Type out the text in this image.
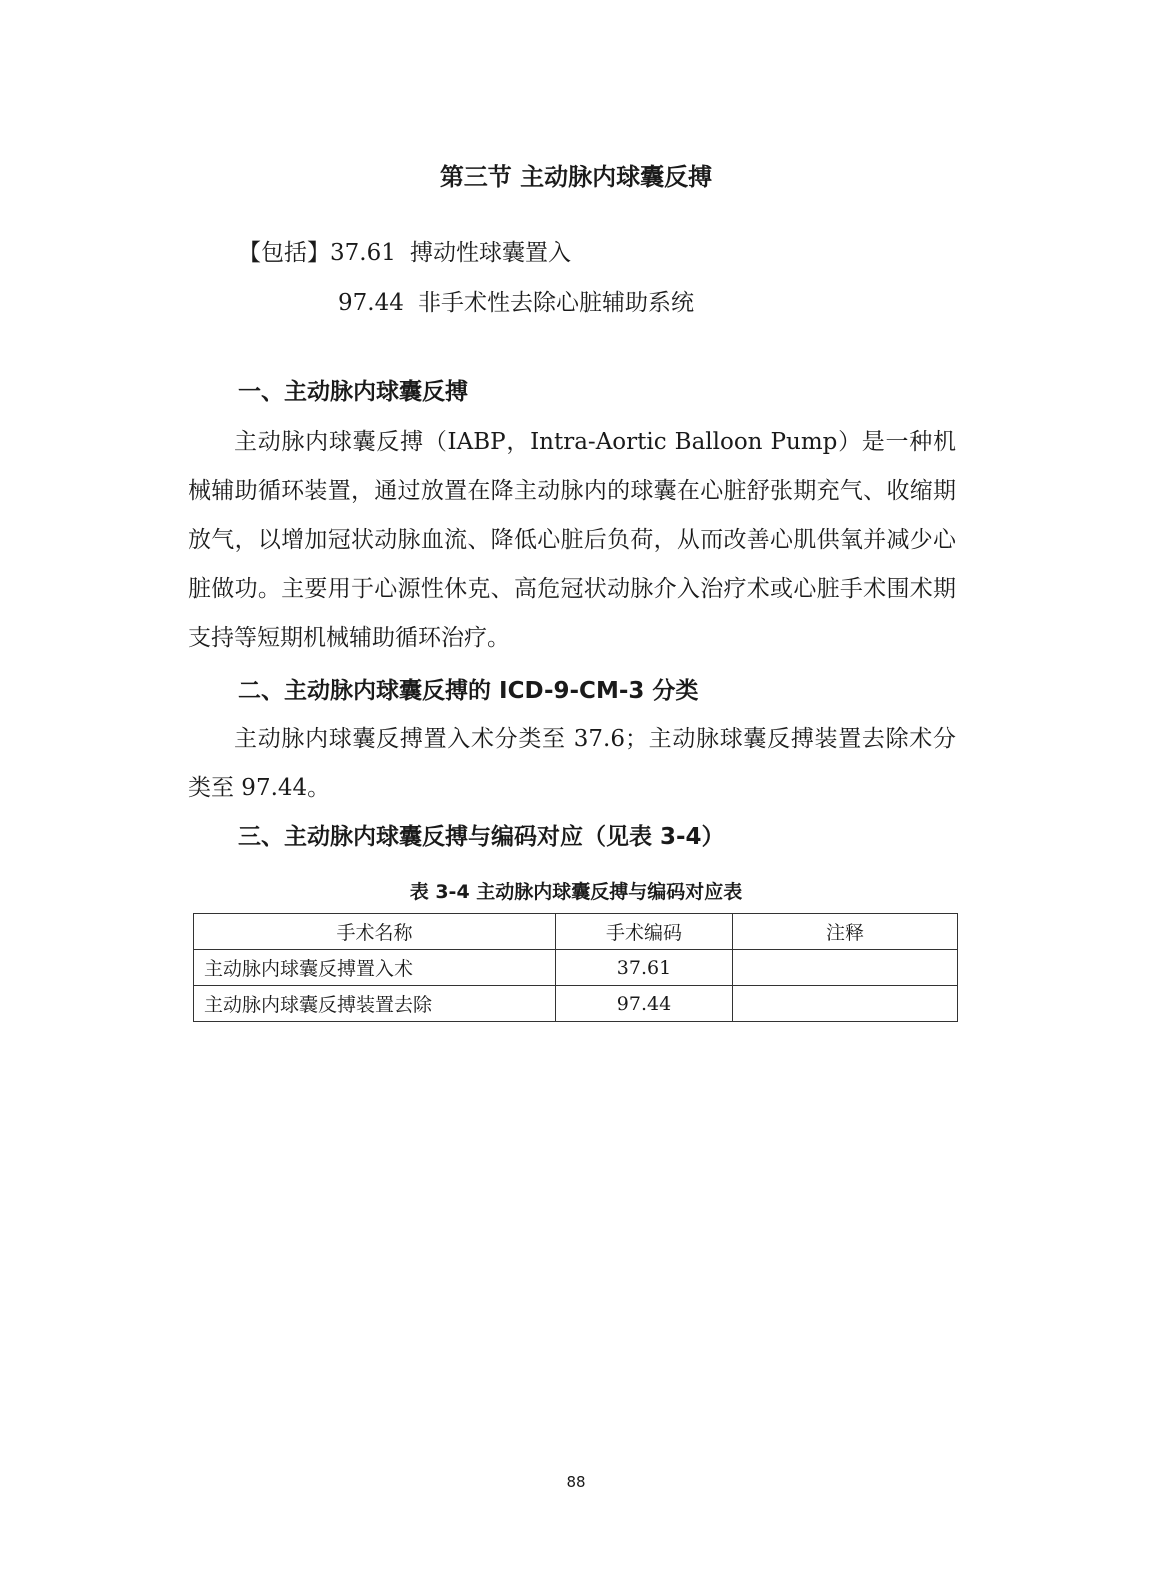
第三节 主动脉内球囊反搏
【包括】37.61 搏动性球囊置入
97.44 非手术性去除心脏辅助系统
一、主动脉内球囊反搏

主动脉内球囊反搏（IABP，Intra-Aortic Balloon Pump）是一种机械辅助循环装置，通过放置在降主动脉内的球囊在心脏舒张期充气、收缩期放气，以增加冠状动脉血流、降低心脏后负荷，从而改善心肌供氧并减少心脏做功。主要用于心源性休克、高危冠状动脉介入治疗术或心脏手术围术期支持等短期机械辅助循环治疗。

二、主动脉内球囊反搏的 ICD-9-CM-3 分类

主动脉内球囊反搏置入术分类至 37.6；主动脉球囊反搏装置去除术分类至 97.44。

三、主动脉内球囊反搏与编码对应（见表 3-4）
表 3-4 主动脉内球囊反搏与编码对应表
手术名称	手术编码	注释
主动脉内球囊反搏置入术	37.61	
主动脉内球囊反搏装置去除	97.44	
88
